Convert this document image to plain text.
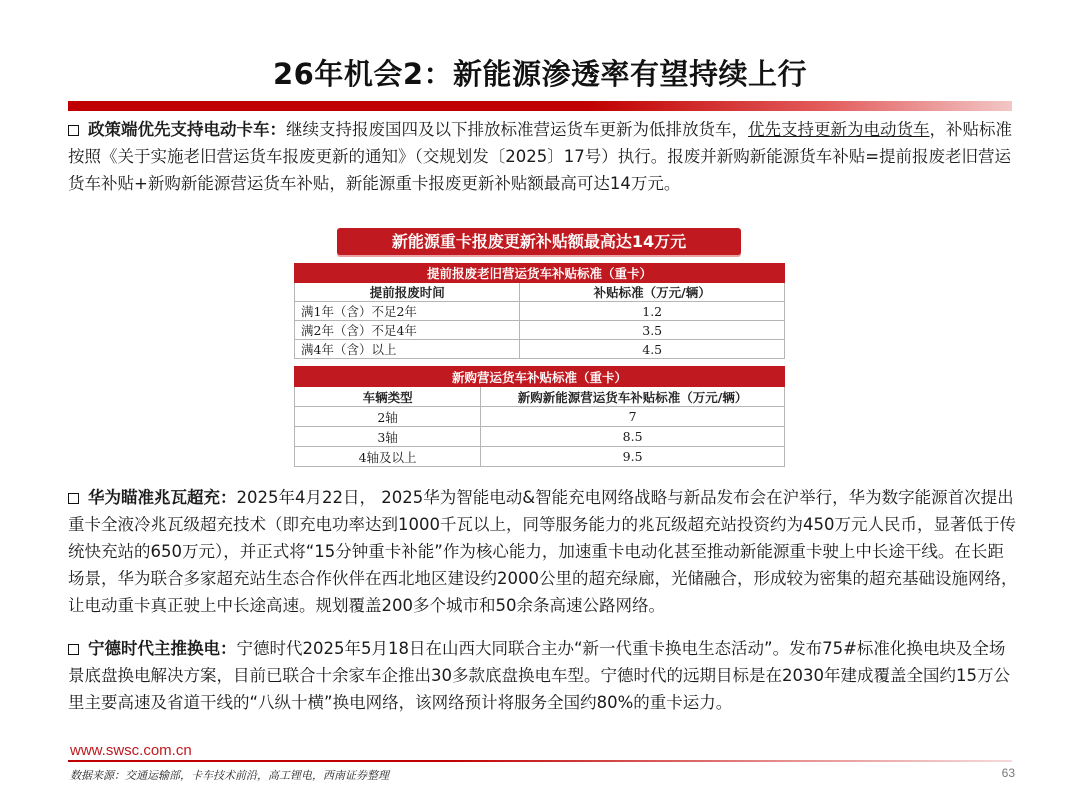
26年机会2：新能源渗透率有望持续上行
政策端优先支持电动卡车：继续支持报废国四及以下排放标准营运货车更新为低排放货车，优先支持更新为电动货车，补贴标准按照《关于实施老旧营运货车报废更新的通知》（交规划发〔2025〕17号）执行。报废并新购新能源货车补贴=提前报废老旧营运货车补贴+新购新能源营运货车补贴，新能源重卡报废更新补贴额最高可达14万元。
新能源重卡报废更新补贴额最高达14万元
提前报废老旧营运货车补贴标准（重卡）	
提前报废时间	补贴标准（万元/辆）
满1年（含）不足2年	1.2
满2年（含）不足4年	3.5
满4年（含）以上	4.5
新购营运货车补贴标准（重卡）	
车辆类型	新购新能源营运货车补贴标准（万元/辆）
2轴	7
3轴	8.5
4轴及以上	9.5
华为瞄准兆瓦超充：2025年4月22日， 2025华为智能电动&智能充电网络战略与新品发布会在沪举行，华为数字能源首次提出重卡全液冷兆瓦级超充技术（即充电功率达到1000千瓦以上，同等服务能力的兆瓦级超充站投资约为450万元人民币，显著低于传统快充站的650万元），并正式将“15分钟重卡补能”作为核心能力，加速重卡电动化甚至推动新能源重卡驶上中长途干线。在长距场景，华为联合多家超充站生态合作伙伴在西北地区建设约2000公里的超充绿廊，光储融合，形成较为密集的超充基础设施网络，让电动重卡真正驶上中长途高速。规划覆盖200多个城市和50余条高速公路网络。
宁德时代主推换电：宁德时代2025年5月18日在山西大同联合主办“新一代重卡换电生态活动”。发布75#标准化换电块及全场景底盘换电解决方案，目前已联合十余家车企推出30多款底盘换电车型。宁德时代的远期目标是在2030年建成覆盖全国约15万公里主要高速及省道干线的“八纵十横”换电网络，该网络预计将服务全国约80%的重卡运力。
www.swsc.com.cn
数据来源：交通运输部，卡车技术前沿，高工锂电，西南证券整理	63
